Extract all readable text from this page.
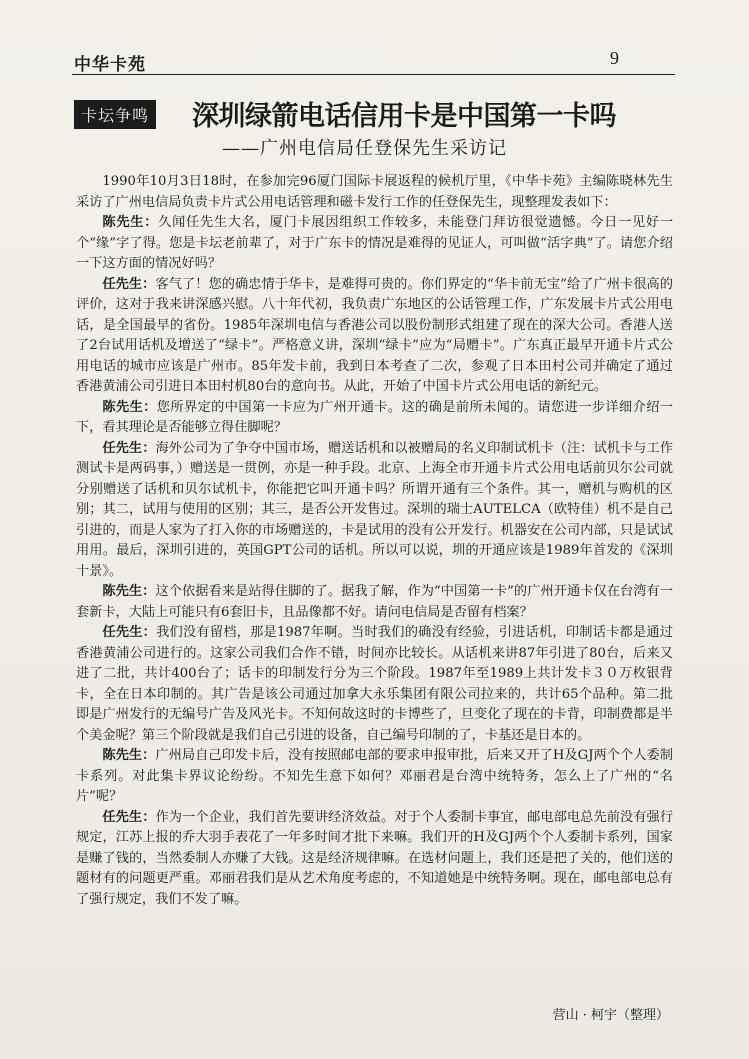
中华卡苑	9
卡坛争鸣 深圳绿箭电话信用卡是中国第一卡吗
——广州电信局任登保先生采访记

1990年10月3日18时，在参加完96厦门国际卡展返程的候机厅里，《中华卡苑》主编陈晓林先生采访了广州电信局负责卡片式公用电话管理和磁卡发行工作的任登保先生，现整理发表如下：

陈先生：久闻任先生大名，厦门卡展因组织工作较多，未能登门拜访很觉遗憾。今日一见好一个“缘”字了得。您是卡坛老前辈了，对于广东卡的情况是难得的见证人，可叫做“活字典”了。请您介绍一下这方面的情况好吗？

任先生：客气了！您的确忠情于华卡，是难得可贵的。你们界定的“华卡前无宝”给了广州卡很高的评价，这对于我来讲深感兴慰。八十年代初，我负责广东地区的公话管理工作，广东发展卡片式公用电话，是全国最早的省份。1985年深圳电信与香港公司以股份制形式组建了现在的深大公司。香港人送了2台试用话机及增送了“绿卡”。严格意义讲，深圳“绿卡”应为“局赠卡”。广东真正最早开通卡片式公用电话的城市应该是广州市。85年发卡前，我到日本考查了二次，参观了日本田村公司并确定了通过香港黄浦公司引进日本田村机80台的意向书。从此，开始了中国卡片式公用电话的新纪元。

陈先生：您所界定的中国第一卡应为广州开通卡。这的确是前所未闻的。请您进一步详细介绍一下，看其理论是否能够立得住脚呢？

任先生：海外公司为了争夺中国市场，赠送话机和以被赠局的名义印制试机卡（注：试机卡与工作测试卡是两码事，）赠送是一贯例，亦是一种手段。北京、上海全市开通卡片式公用电话前贝尔公司就分别赠送了话机和贝尔试机卡，你能把它叫开通卡吗？所谓开通有三个条件。其一，赠机与购机的区别；其二，试用与使用的区别；其三，是否公开发售过。深圳的瑞士AUTELCA（欧特佳）机不是自己引进的，而是人家为了打入你的市场赠送的，卡是试用的没有公开发行。机器安在公司内部，只是试试用用。最后，深圳引进的，英国GPT公司的话机。所以可以说，圳的开通应该是1989年首发的《深圳十景》。

陈先生：这个依据看来是站得住脚的了。据我了解，作为“中国第一卡”的广州开通卡仅在台湾有一套新卡，大陆上可能只有6套旧卡，且品像都不好。请问电信局是否留有档案？

任先生：我们没有留档，那是1987年啊。当时我们的确没有经验，引进话机，印制话卡都是通过香港黄浦公司进行的。这家公司我们合作不错，时间亦比较长。从话机来讲87年引进了80台，后来又进了二批，共计400台了；话卡的印制发行分为三个阶段。1987年至1989上共计发卡３０万枚银背卡，全在日本印制的。其广告是该公司通过加拿大永乐集团有限公司拉来的，共计65个品种。第二批即是广州发行的无编号广告及风光卡。不知何故这时的卡博些了，旦变化了现在的卡背，印制费都是半个美金呢？第三个阶段就是我们自己引进的设备，自己编号印制的了，卡基还是日本的。

陈先生：广州局自己印发卡后，没有按照邮电部的要求申报审批，后来又开了H及GJ两个个人委制卡系列。对此集卡界议论纷纷。不知先生意下如何？邓丽君是台湾中统特务，怎么上了广州的“名片”呢？

任先生：作为一个企业，我们首先要讲经济效益。对于个人委制卡事宜，邮电部电总先前没有强行规定，江苏上报的乔大羽手表花了一年多时间才批下来嘛。我们开的H及GJ两个个人委制卡系列，国家是赚了钱的，当然委制人亦赚了大钱。这是经济规律嘛。在选材问题上，我们还是把了关的，他们送的题材有的问题更严重。邓丽君我们是从艺术角度考虑的，不知道她是中统特务啊。现在，邮电部电总有了强行规定，我们不发了嘛。

营山 · 柯宇（整理）
